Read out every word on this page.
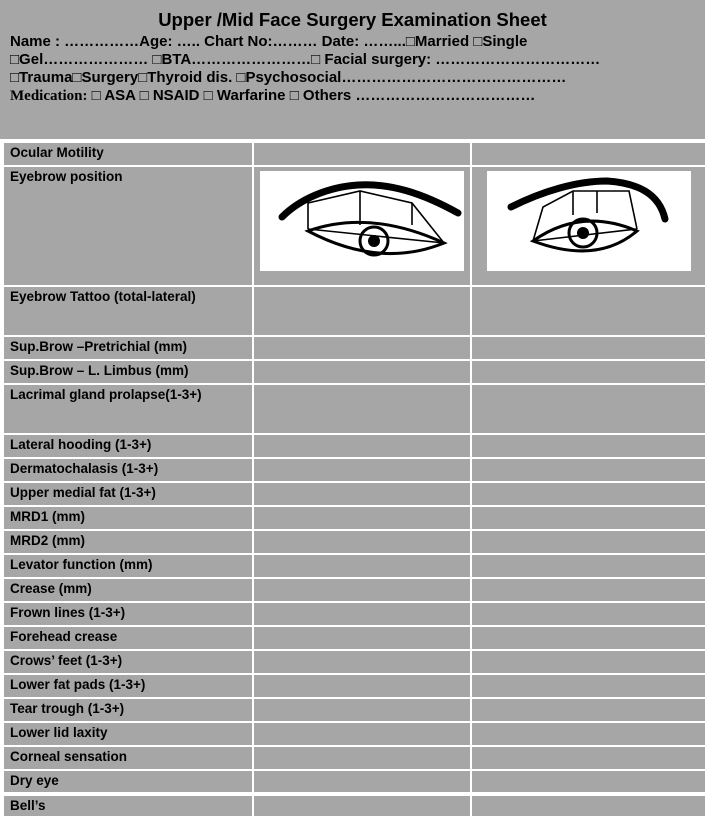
Upper /Mid Face Surgery Examination Sheet
Name : ……………Age: ….. Chart No:……… Date: ……...□Married □Single
□Gel………………… □BTA……………………□ Facial surgery: ……………………………
□Trauma□Surgery□Thyroid dis. □Psychosocial………………………………………
Medication: □ ASA □ NSAID □ Warfarine □ Others ………………………………
Ocular Motility		
Eyebrow position	

Eyebrow Tattoo (total-lateral)		
Sup.Brow –Pretrichial (mm)		
Sup.Brow – L. Limbus (mm)		
Lacrimal gland prolapse(1-3+)		
Lateral hooding (1-3+)		
Dermatochalasis (1-3+)		
Upper medial fat (1-3+)		
MRD1 (mm)		
MRD2 (mm)		
Levator function (mm)		
Crease (mm)		
Frown lines (1-3+)		
Forehead crease		
Crows’ feet (1-3+)		
Lower fat pads (1-3+)		
Tear trough (1-3+)		
Lower lid laxity		
Corneal sensation		
Dry eye		
Bell’s		
